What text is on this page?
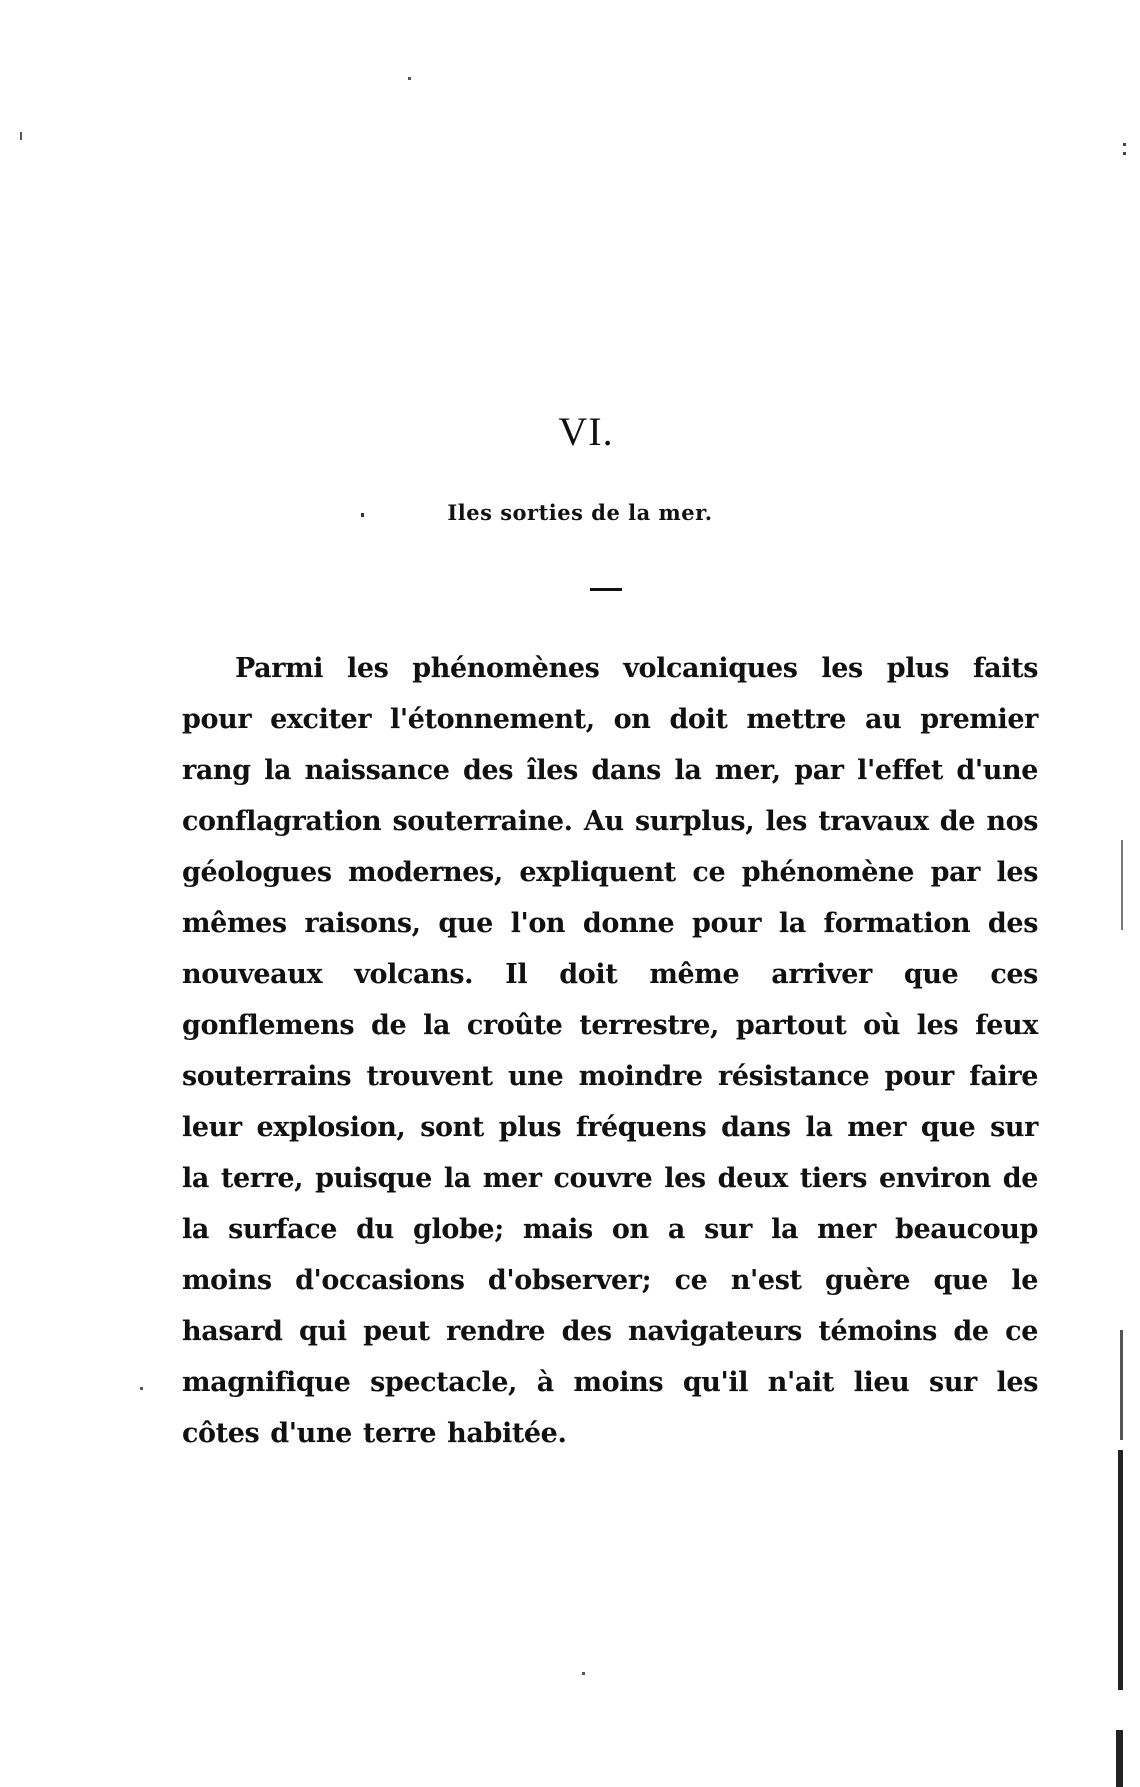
VI.
Iles sorties de la mer.

Parmi les phénomènes volcaniques les plus faits pour exciter l'étonnement, on doit mettre au premier rang la naissance des îles dans la mer, par l'effet d'une conflagration souterraine. Au surplus, les travaux de nos géologues modernes, expliquent ce phénomène par les mêmes raisons, que l'on donne pour la formation des nouveaux volcans. Il doit même arriver que ces gonflemens de la croûte terrestre, partout où les feux souterrains trouvent une moindre résistance pour faire leur explosion, sont plus fréquens dans la mer que sur la terre, puisque la mer couvre les deux tiers environ de la surface du globe; mais on a sur la mer beaucoup moins d'occasions d'observer; ce n'est guère que le hasard qui peut rendre des navigateurs témoins de ce magnifique spectacle, à moins qu'il n'ait lieu sur les côtes d'une terre habitée.
